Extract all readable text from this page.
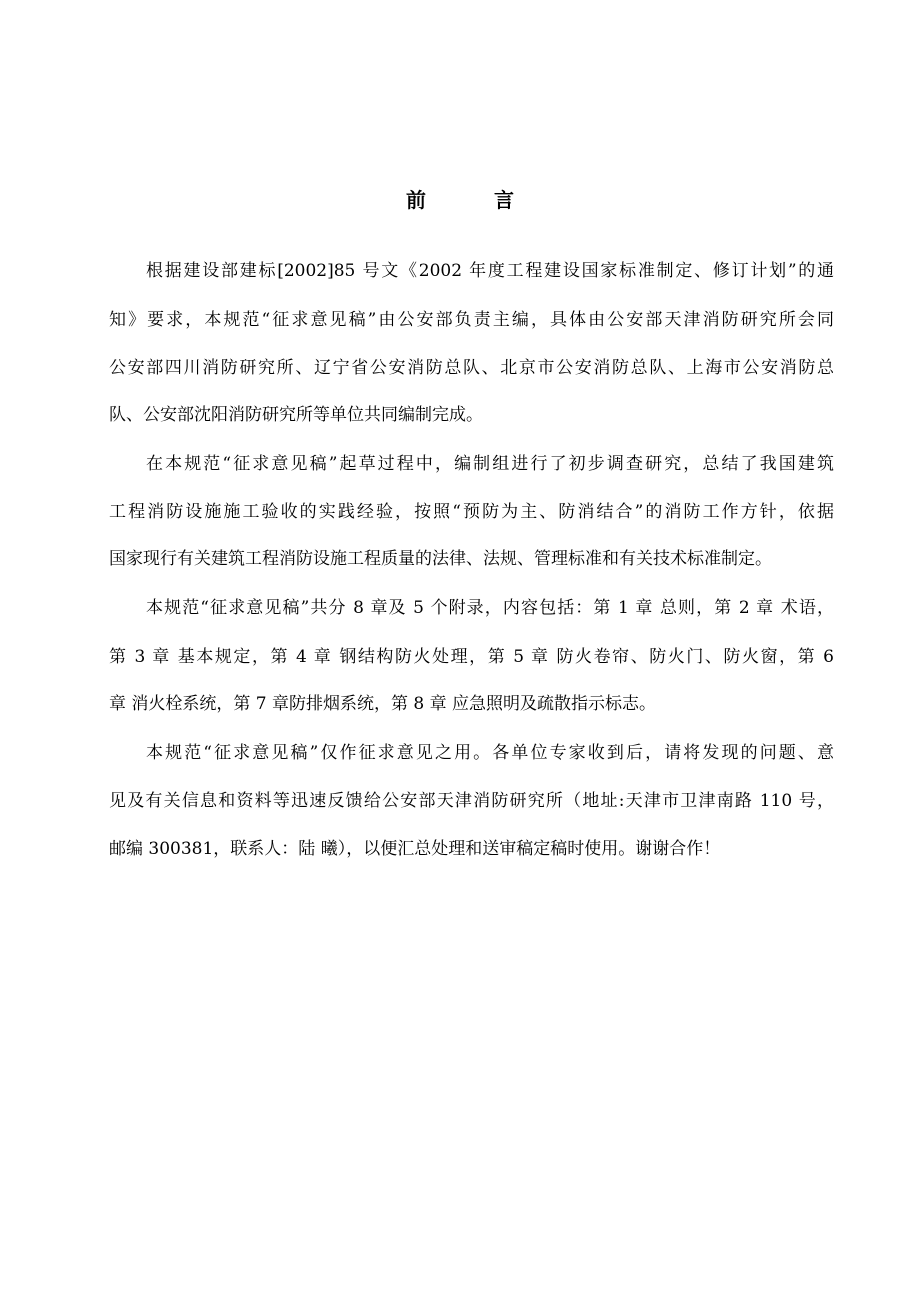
前　言
根据建设部建标[2002]85 号文《2002 年度工程建设国家标准制定、修订计划”的通
知》要求，本规范“征求意见稿”由公安部负责主编，具体由公安部天津消防研究所会同
公安部四川消防研究所、辽宁省公安消防总队、北京市公安消防总队、上海市公安消防总
队、公安部沈阳消防研究所等单位共同编制完成。
在本规范“征求意见稿”起草过程中，编制组进行了初步调查研究，总结了我国建筑
工程消防设施施工验收的实践经验，按照“预防为主、防消结合”的消防工作方针，依据
国家现行有关建筑工程消防设施工程质量的法律、法规、管理标准和有关技术标准制定。
本规范“征求意见稿”共分 8 章及 5 个附录，内容包括：第 1 章 总则，第 2 章 术语，
第 3 章 基本规定，第 4 章 钢结构防火处理，第 5 章 防火卷帘、防火门、防火窗，第 6
章 消火栓系统，第 7 章防排烟系统，第 8 章 应急照明及疏散指示标志。
本规范“征求意见稿”仅作征求意见之用。各单位专家收到后，请将发现的问题、意
见及有关信息和资料等迅速反馈给公安部天津消防研究所（地址:天津市卫津南路 110 号，
邮编 300381，联系人：陆 曦），以便汇总处理和送审稿定稿时使用。谢谢合作！
